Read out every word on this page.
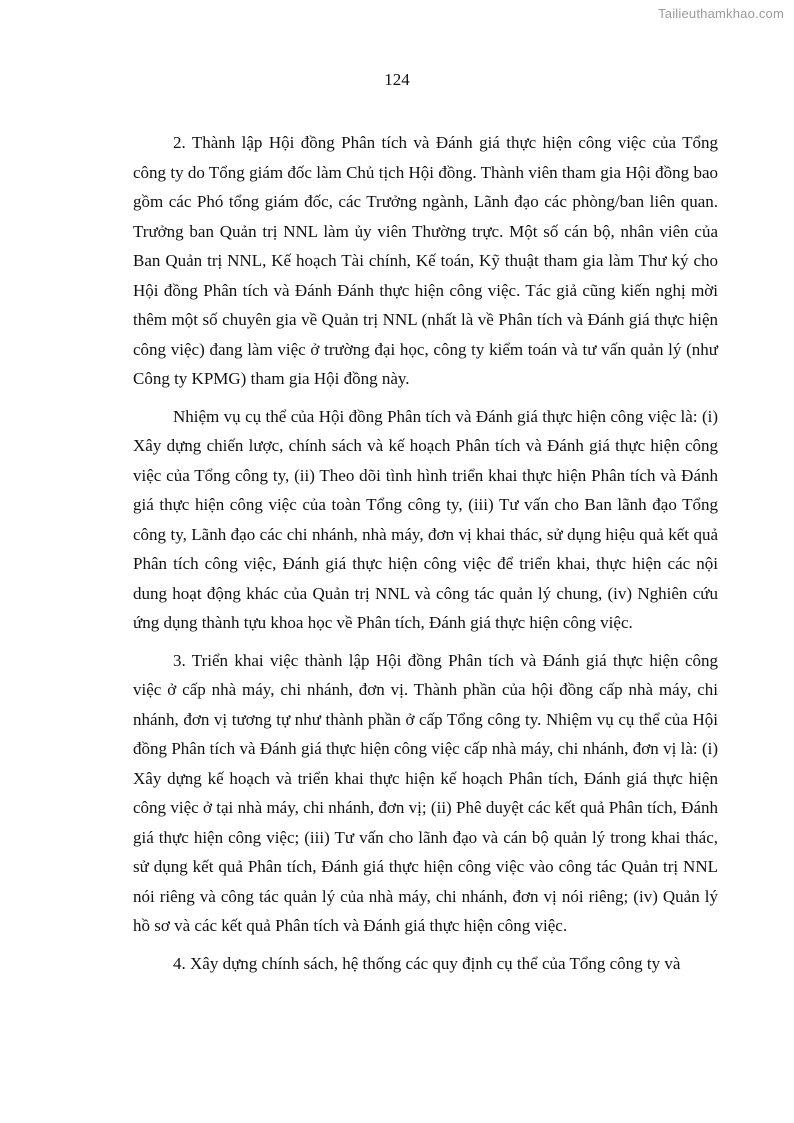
Tailieuthamkhao.com
124

2. Thành lập Hội đồng Phân tích và Đánh giá thực hiện công việc của Tổng công ty do Tổng giám đốc làm Chủ tịch Hội đồng. Thành viên tham gia Hội đồng bao gồm các Phó tổng giám đốc, các Trưởng ngành, Lãnh đạo các phòng/ban liên quan. Trưởng ban Quản trị NNL làm ủy viên Thường trực. Một số cán bộ, nhân viên của Ban Quản trị NNL, Kế hoạch Tài chính, Kế toán, Kỹ thuật tham gia làm Thư ký cho Hội đồng Phân tích và Đánh Đánh thực hiện công việc. Tác giả cũng kiến nghị mời thêm một số chuyên gia về Quản trị NNL (nhất là về Phân tích và Đánh giá thực hiện công việc) đang làm việc ở trường đại học, công ty kiểm toán và tư vấn quản lý (như Công ty KPMG) tham gia Hội đồng này.

Nhiệm vụ cụ thể của Hội đồng Phân tích và Đánh giá thực hiện công việc là: (i) Xây dựng chiến lược, chính sách và kế hoạch Phân tích và Đánh giá thực hiện công việc của Tổng công ty, (ii) Theo dõi tình hình triển khai thực hiện Phân tích và Đánh giá thực hiện công việc của toàn Tổng công ty, (iii) Tư vấn cho Ban lãnh đạo Tổng công ty, Lãnh đạo các chi nhánh, nhà máy, đơn vị khai thác, sử dụng hiệu quả kết quả Phân tích công việc, Đánh giá thực hiện công việc để triển khai, thực hiện các nội dung hoạt động khác của Quản trị NNL và công tác quản lý chung, (iv) Nghiên cứu ứng dụng thành tựu khoa học về Phân tích, Đánh giá thực hiện công việc.

3. Triển khai việc thành lập Hội đồng Phân tích và Đánh giá thực hiện công việc ở cấp nhà máy, chi nhánh, đơn vị. Thành phần của hội đồng cấp nhà máy, chi nhánh, đơn vị tương tự như thành phần ở cấp Tổng công ty. Nhiệm vụ cụ thể của Hội đồng Phân tích và Đánh giá thực hiện công việc cấp nhà máy, chi nhánh, đơn vị là: (i) Xây dựng kế hoạch và triển khai thực hiện kế hoạch Phân tích, Đánh giá thực hiện công việc ở tại nhà máy, chi nhánh, đơn vị; (ii) Phê duyệt các kết quả Phân tích, Đánh giá thực hiện công việc; (iii) Tư vấn cho lãnh đạo và cán bộ quản lý trong khai thác, sử dụng kết quả Phân tích, Đánh giá thực hiện công việc vào công tác Quản trị NNL nói riêng và công tác quản lý của nhà máy, chi nhánh, đơn vị nói riêng; (iv) Quản lý hồ sơ và các kết quả Phân tích và Đánh giá thực hiện công việc.

4. Xây dựng chính sách, hệ thống các quy định cụ thể của Tổng công ty và
